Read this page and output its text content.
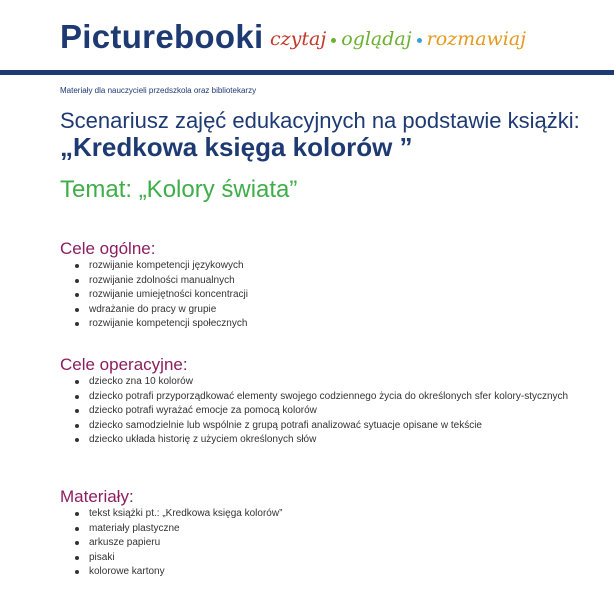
Picturebooki czytaj oglądaj rozmawiaj
Materiały dla nauczycieli przedszkola oraz bibliotekarzy
Scenariusz zajęć edukacyjnych na podstawie książki:
„Kredkowa księga kolorów ”
Temat: „Kolory świata”
Cele ogólne:
rozwijanie kompetencji językowych
rozwijanie zdolności manualnych
rozwijanie umiejętności koncentracji
wdrażanie do pracy w grupie
rozwijanie kompetencji społecznych
Cele operacyjne:
dziecko zna 10 kolorów
dziecko potrafi przyporządkować elementy swojego codziennego życia do określonych sfer kolory-stycznych
dziecko potrafi wyrażać emocje za pomocą kolorów
dziecko samodzielnie lub wspólnie z grupą potrafi analizować sytuacje opisane w tekście
dziecko układa historię z użyciem określonych słów
Materiały:
tekst książki pt.: „Kredkowa księga kolorów”
materiały plastyczne
arkusze papieru
pisaki
kolorowe kartony
